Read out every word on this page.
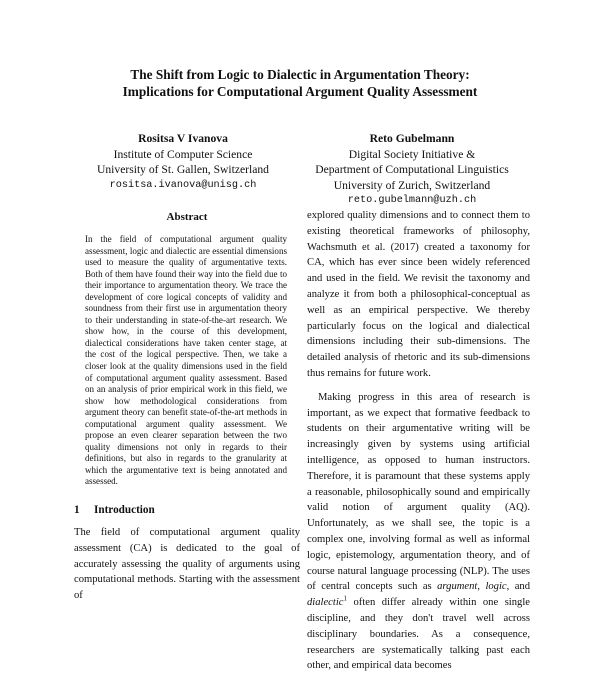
The Shift from Logic to Dialectic in Argumentation Theory:
Implications for Computational Argument Quality Assessment
Rositsa V Ivanova
Institute of Computer Science
University of St. Gallen, Switzerland
rositsa.ivanova@unisg.ch
Reto Gubelmann
Digital Society Initiative &
Department of Computational Linguistics
University of Zurich, Switzerland
reto.gubelmann@uzh.ch
Abstract

In the field of computational argument quality assessment, logic and dialectic are essential dimensions used to measure the quality of argumentative texts. Both of them have found their way into the field due to their importance to argumentation theory. We trace the development of core logical concepts of validity and soundness from their first use in argumentation theory to their understanding in state-of-the-art research. We show how, in the course of this development, dialectical considerations have taken center stage, at the cost of the logical perspective. Then, we take a closer look at the quality dimensions used in the field of computational argument quality assessment. Based on an analysis of prior empirical work in this field, we show how methodological considerations from argument theory can benefit state-of-the-art methods in computational argument quality assessment. We propose an even clearer separation between the two quality dimensions not only in regards to their definitions, but also in regards to the granularity at which the argumentative text is being annotated and assessed.

1 Introduction

The field of computational argument quality assessment (CA) is dedicated to the goal of accurately assessing the quality of arguments using computational methods. Starting with the assessment of

explored quality dimensions and to connect them to existing theoretical frameworks of philosophy, Wachsmuth et al. (2017) created a taxonomy for CA, which has ever since been widely referenced and used in the field. We revisit the taxonomy and analyze it from both a philosophical-conceptual as well as an empirical perspective. We thereby particularly focus on the logical and dialectical dimensions including their sub-dimensions. The detailed analysis of rhetoric and its sub-dimensions thus remains for future work.

Making progress in this area of research is important, as we expect that formative feedback to students on their argumentative writing will be increasingly given by systems using artificial intelligence, as opposed to human instructors. Therefore, it is paramount that these systems apply a reasonable, philosophically sound and empirically valid notion of argument quality (AQ). Unfortunately, as we shall see, the topic is a complex one, involving formal as well as informal logic, epistemology, argumentation theory, and of course natural language processing (NLP). The uses of central concepts such as argument, logic, and dialectic$^1$ often differ already within one single discipline, and they don't travel well across disciplinary boundaries. As a consequence, researchers are systematically talking past each other, and empirical data becomes
